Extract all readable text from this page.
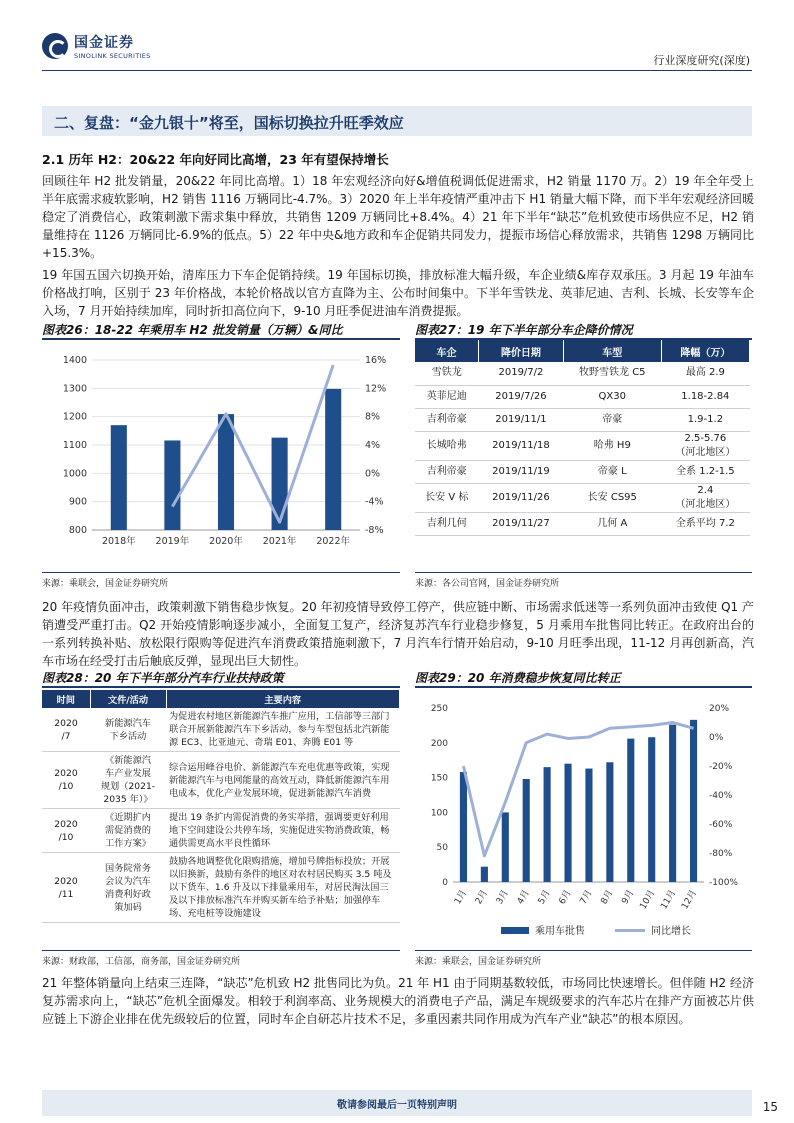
国金证券
SINOLINK SECURITIES	行业深度研究(深度)
二、复盘：“金九银十”将至，国标切换拉升旺季效应
2.1 历年 H2：20&22 年向好同比高增，23 年有望保持增长
回顾往年 H2 批发销量，20&22 年同比高增。1）18 年宏观经济向好&增值税调低促进需求，H2 销量 1170 万。2）19 年全年受上半年底需求疲软影响，H2 销售 1116 万辆同比-4.7%。3）2020 年上半年疫情严重冲击下 H1 销量大幅下降，而下半年宏观经济回暖稳定了消费信心，政策刺激下需求集中释放，共销售 1209 万辆同比+8.4%。4）21 年下半年“缺芯”危机致使市场供应不足，H2 销量维持在 1126 万辆同比-6.9%的低点。5）22 年中央&地方政和车企促销共同发力，提振市场信心释放需求，共销售 1298 万辆同比+15.3%。
19 年国五国六切换开始，清库压力下车企促销持续。19 年国标切换，排放标准大幅升级，车企业绩&库存双承压。3 月起 19 年油车价格战打响，区别于 23 年价格战，本轮价格战以官方直降为主、公布时间集中。下半年雪铁龙、英菲尼迪、吉利、长城、长安等车企入场，7 月开始持续加库，同时折扣高位向下，9-10 月旺季促进油车消费提振。
图表26：18-22 年乘用车 H2 批发销量（万辆）&同比
800
900
1000
1100
1200
1300
1400
-8%
-4%
0%
4%
8%
12%
16%
2018年 2019年 2020年 2021年 2022年
来源：乘联会，国金证券研究所
图表27：19 年下半年部分车企降价情况
车企	降价日期	车型	降幅（万）
雪铁龙	2019/7/2	牧野雪铁龙 C5	最高 2.9
英菲尼迪	2019/7/26	QX30	1.18-2.84
吉利帝豪	2019/11/1	帝豪	1.9-1.2
长城哈弗	2019/11/18	哈弗 H9	2.5-5.76
（河北地区）
吉利帝豪	2019/11/19	帝豪 L	全系 1.2-1.5
长安 V 标	2019/11/26	长安 CS95	2.4
（河北地区）
吉利几何	2019/11/27	几何 A	全系平均 7.2
来源：各公司官网，国金证券研究所
20 年疫情负面冲击，政策刺激下销售稳步恢复。20 年初疫情导致停工停产，供应链中断、市场需求低迷等一系列负面冲击致使 Q1 产销遭受严重打击。Q2 开始疫情影响逐步减小，全面复工复产，经济复苏汽车行业稳步修复，5 月乘用车批售同比转正。在政府出台的一系列转换补贴、放松限行限购等促进汽车消费政策措施刺激下，7 月汽车行情开始启动，9-10 月旺季出现，11-12 月再创新高，汽车市场在经受打击后触底反弹，显现出巨大韧性。
图表28：20 年下半年部分汽车行业扶持政策
时间	文件/活动	主要内容
2020
/7	新能源汽车
下乡活动	为促进农村地区新能源汽车推广应用，工信部等三部门联合开展新能源汽车下乡活动，参与车型包括北汽新能源 EC3、比亚迪元、奇瑞 E01、奔腾 E01 等
2020
/10	《新能源汽
车产业发展
规划（2021-
2035 年）》	综合运用峰谷电价、新能源汽车充电优惠等政策，实现新能源汽车与电网能量的高效互动，降低新能源汽车用电成本，优化产业发展环境，促进新能源汽车消费
2020
/10	《近期扩内
需促消费的
工作方案》	提出 19 条扩内需促消费的务实举措，强调要更好利用地下空间建设公共停车场，实施促进实物消费政策，畅通供需更高水平良性循环
2020
/11	国务院常务
会议为汽车
消费利好政
策加码	鼓励各地调整优化限购措施，增加号牌指标投放；开展以旧换新，鼓励有条件的地区对农村居民购买 3.5 吨及以下货车、1.6 升及以下排量乘用车，对居民淘汰国三及以下排放标准汽车并购买新车给予补贴；加强停车场、充电桩等设施建设
来源：财政部，工信部，商务部，国金证券研究所
图表29：20 年消费稳步恢复同比转正
0
50
100
150
200
250
-100%
-80%
-60%
-40%
-20%
0%
20%
1月 2月 3月 4月 5月 6月 7月 8月 9月 10月 11月 12月
乘用车批售	同比增长
来源：乘联会，国金证券研究所
21 年整体销量向上结束三连降，“缺芯”危机致 H2 批售同比为负。21 年 H1 由于同期基数较低，市场同比快速增长。但伴随 H2 经济复苏需求向上，“缺芯”危机全面爆发。相较于利润率高、业务规模大的消费电子产品，满足车规级要求的汽车芯片在排产方面被芯片供应链上下游企业排在优先级较后的位置，同时车企自研芯片技术不足，多重因素共同作用成为汽车产业“缺芯”的根本原因。
敬请参阅最后一页特别声明	15
